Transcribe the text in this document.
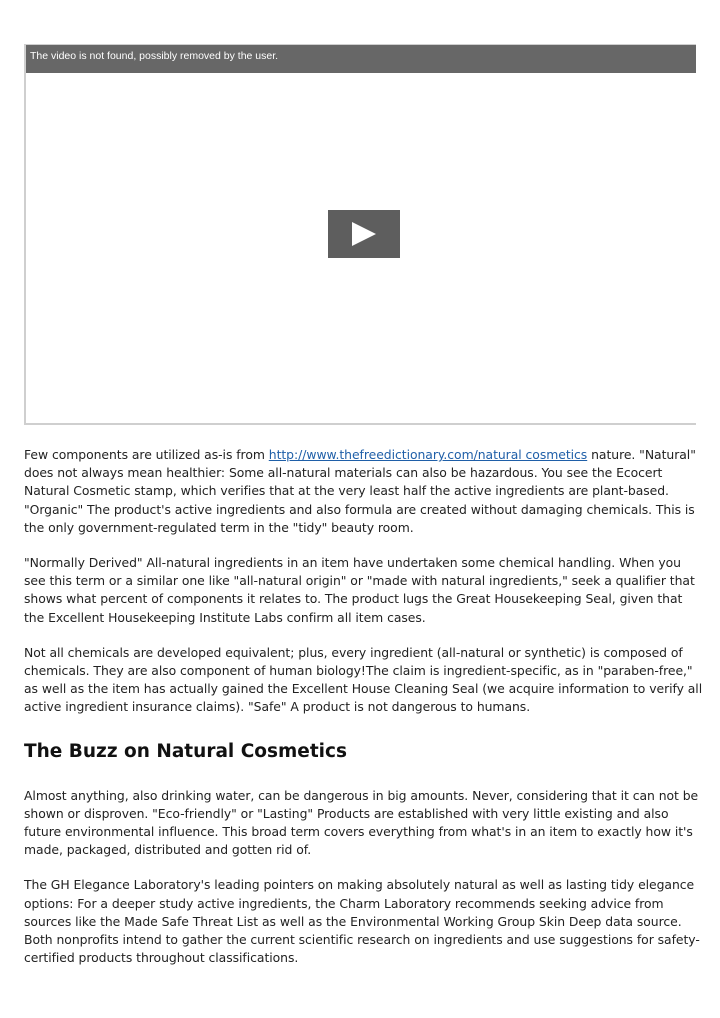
The video is not found, possibly removed by the user.

Few components are utilized as-is from http://www.thefreedictionary.com/natural cosmetics nature. "Natural" does not always mean healthier: Some all-natural materials can also be hazardous. You see the Ecocert Natural Cosmetic stamp, which verifies that at the very least half the active ingredients are plant-based. "Organic" The product's active ingredients and also formula are created without damaging chemicals. This is the only government-regulated term in the "tidy" beauty room.

"Normally Derived" All-natural ingredients in an item have undertaken some chemical handling. When you see this term or a similar one like "all-natural origin" or "made with natural ingredients," seek a qualifier that shows what percent of components it relates to. The product lugs the Great Housekeeping Seal, given that the Excellent Housekeeping Institute Labs confirm all item cases.

Not all chemicals are developed equivalent; plus, every ingredient (all-natural or synthetic) is composed of chemicals. They are also component of human biology!The claim is ingredient-specific, as in "paraben-free," as well as the item has actually gained the Excellent House Cleaning Seal (we acquire information to verify all active ingredient insurance claims). "Safe" A product is not dangerous to humans.

The Buzz on Natural Cosmetics

Almost anything, also drinking water, can be dangerous in big amounts. Never, considering that it can not be shown or disproven. "Eco-friendly" or "Lasting" Products are established with very little existing and also future environmental influence. This broad term covers everything from what's in an item to exactly how it's made, packaged, distributed and gotten rid of.

The GH Elegance Laboratory's leading pointers on making absolutely natural as well as lasting tidy elegance options: For a deeper study active ingredients, the Charm Laboratory recommends seeking advice from sources like the Made Safe Threat List as well as the Environmental Working Group Skin Deep data source. Both nonprofits intend to gather the current scientific research on ingredients and use suggestions for safety-certified products throughout classifications.
